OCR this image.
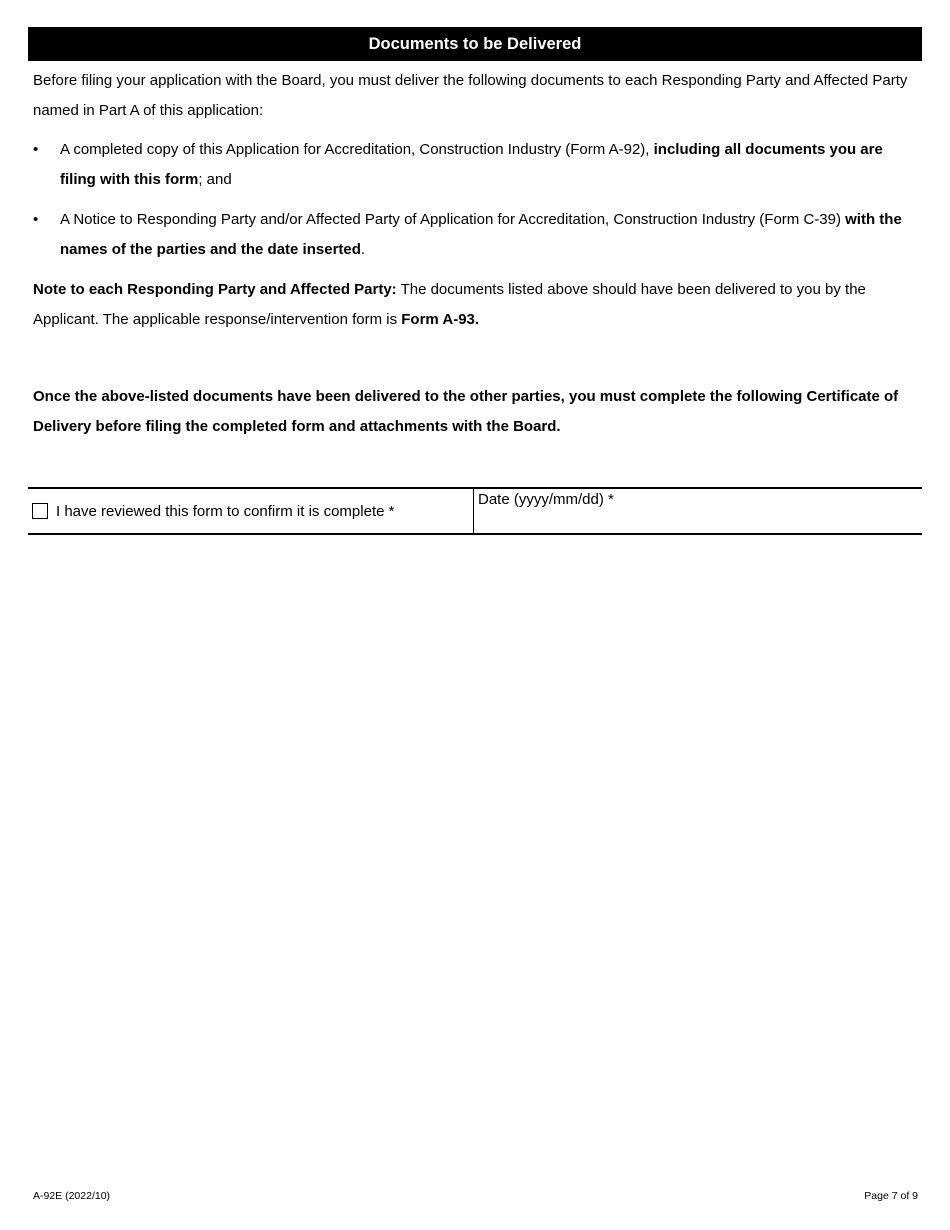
Documents to be Delivered

Before filing your application with the Board, you must deliver the following documents to each Responding Party and Affected Party named in Part A of this application:

• A completed copy of this Application for Accreditation, Construction Industry (Form A-92), including all documents you are filing with this form; and
• A Notice to Responding Party and/or Affected Party of Application for Accreditation, Construction Industry (Form C-39) with the names of the parties and the date inserted.

Note to each Responding Party and Affected Party: The documents listed above should have been delivered to you by the Applicant. The applicable response/intervention form is Form A-93.

Once the above-listed documents have been delivered to the other parties, you must complete the following Certificate of Delivery before filing the completed form and attachments with the Board.

I have reviewed this form to confirm it is complete *
Date (yyyy/mm/dd) *
A-92E (2022/10)	Page 7 of 9
